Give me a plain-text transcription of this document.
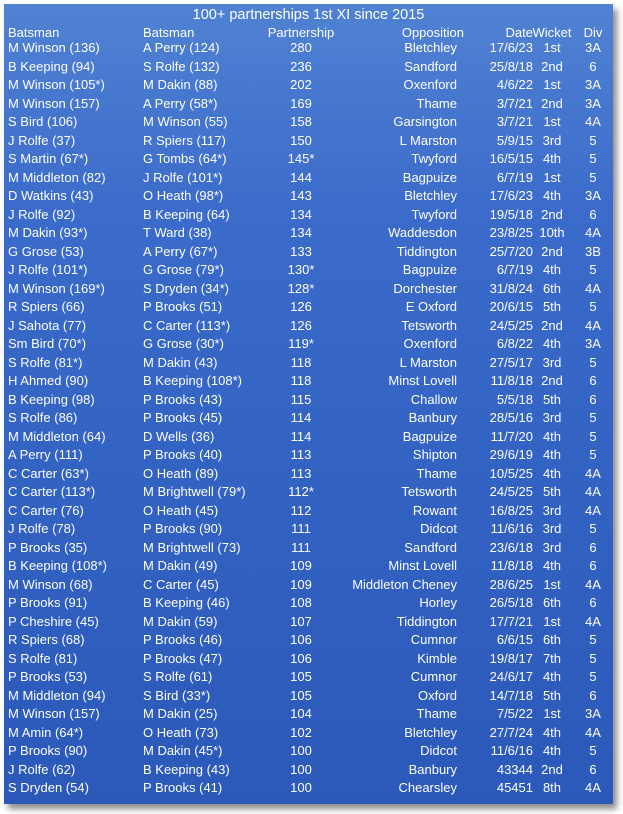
100+ partnerships 1st XI since 2015
Batsman	Batsman	Partnership	Opposition	Date Wicket Div
M Winson (136)	A Perry (124)	280	Bletchley	17/6/23 1st	3A
B Keeping (94)	S Rolfe (132)	236	Sandford	25/8/18 2nd	6
M Winson (105*)	M Dakin (88)	202	Oxenford	4/6/22 1st	3A
M Winson (157)	A Perry (58*)	169	Thame	3/7/21 2nd	3A
S Bird (106)	M Winson (55)	158	Garsington	3/7/21 1st	4A
J Rolfe (37)	R Spiers (117)	150	L Marston	5/9/15 3rd	5
S Martin (67*)	G Tombs (64*)	145*	Twyford	16/5/15 4th	5
M Middleton (82)	J Rolfe (101*)	144	Bagpuize	6/7/19 1st	5
D Watkins (43)	O Heath (98*)	143	Bletchley	17/6/23 4th	3A
J Rolfe (92)	B Keeping (64)	134	Twyford	19/5/18 2nd	6
M Dakin (93*)	T Ward (38)	134	Waddesdon	23/8/25 10th	4A
G Grose (53)	A Perry (67*)	133	Tiddington	25/7/20 2nd	3B
J Rolfe (101*)	G Grose (79*)	130*	Bagpuize	6/7/19 4th	5
M Winson (169*)	S Dryden (34*)	128*	Dorchester	31/8/24 6th	4A
R Spiers (66)	P Brooks (51)	126	E Oxford	20/6/15 5th	5
J Sahota (77)	C Carter (113*)	126	Tetsworth	24/5/25 2nd	4A
Sm Bird (70*)	G Grose (30*)	119*	Oxenford	6/8/22 4th	3A
S Rolfe (81*)	M Dakin (43)	118	L Marston	27/5/17 3rd	5
H Ahmed (90)	B Keeping (108*)	118	Minst Lovell	11/8/18 2nd	6
B Keeping (98)	P Brooks (43)	115	Challow	5/5/18 5th	6
S Rolfe (86)	P Brooks (45)	114	Banbury	28/5/16 3rd	5
M Middleton (64)	D Wells (36)	114	Bagpuize	11/7/20 4th	5
A Perry (111)	P Brooks (40)	113	Shipton	29/6/19 4th	5
C Carter (63*)	O Heath (89)	113	Thame	10/5/25 4th	4A
C Carter (113*)	M Brightwell (79*)	112*	Tetsworth	24/5/25 5th	4A
C Carter (76)	O Heath (45)	112	Rowant	16/8/25 3rd	4A
J Rolfe (78)	P Brooks (90)	111	Didcot	11/6/16 3rd	5
P Brooks (35)	M Brightwell (73)	111	Sandford	23/6/18 3rd	6
B Keeping (108*)	M Dakin (49)	109	Minst Lovell	11/8/18 4th	6
M Winson (68)	C Carter (45)	109	Middleton Cheney	28/6/25 1st	4A
P Brooks (91)	B Keeping (46)	108	Horley	26/5/18 6th	6
P Cheshire (45)	M Dakin (59)	107	Tiddington	17/7/21 1st	4A
R Spiers (68)	P Brooks (46)	106	Cumnor	6/6/15 6th	5
S Rolfe (81)	P Brooks (47)	106	Kimble	19/8/17 7th	5
P Brooks (53)	S Rolfe (61)	105	Cumnor	24/6/17 4th	5
M Middleton (94)	S Bird (33*)	105	Oxford	14/7/18 5th	6
M Winson (157)	M Dakin (25)	104	Thame	7/5/22 1st	3A
M Amin (64*)	O Heath (73)	102	Bletchley	27/7/24 4th	4A
P Brooks (90)	M Dakin (45*)	100	Didcot	11/6/16 4th	5
J Rolfe (62)	B Keeping (43)	100	Banbury	43344 2nd	6
S Dryden (54)	P Brooks (41)	100	Chearsley	45451 8th	4A
